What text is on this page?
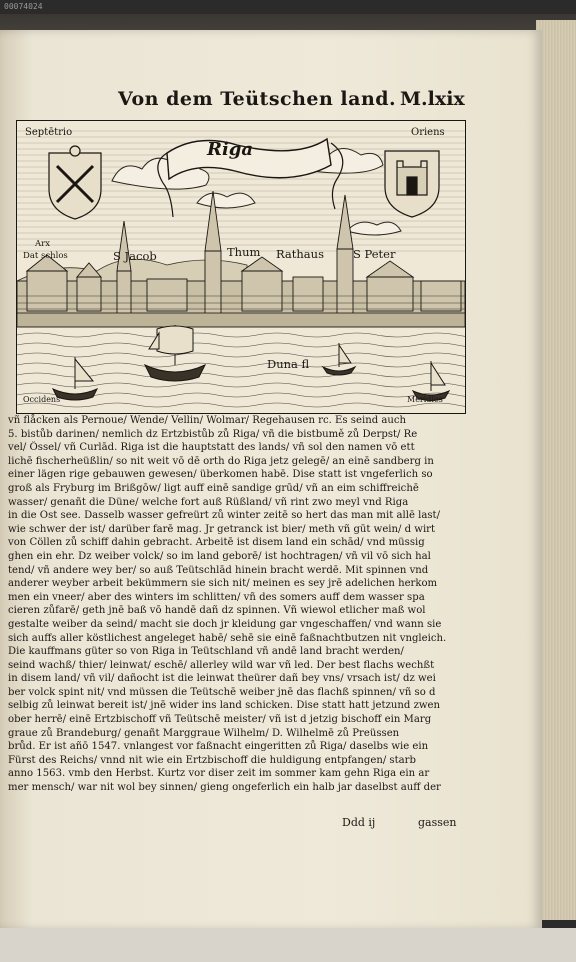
00074024
Von dem Teütschen land. M.lxix
Septētrio	Oriens
Riga
Arx
Dat schlos	S Jacob	Thum Rathaus	S Peter
Duna fl
Occidens	Meridies
vñ flåcken als Pernoue/ Wende/ Vellin/ Wolmar/ Regehausen rc. Es seind auch
5. bistůb darinen/ nemlich dz Ertzbistůb zů Riga/ vñ die bistbumě zů Derpst/ Re
vel/ Össel/ vñ Curlād. Riga ist die hauptstatt des lands/ vñ sol den namen vō ett
lichē fischerheüßlin/ so nit weit vō dē orth do Riga jetz gelegē/ an einē sandberg in
einer lägen rige gebauwen gewesen/ überkomen habē. Dise statt ist vngeferlich so
groß als Fryburg im Brißgōw/ ligt auff einē sandige grūd/ vñ an eim schiffreichē
wasser/ genañt die Düne/ welche fort auß Rüßland/ vñ rint zwo meyl vnd Riga
in die Ost see. Dasselb wasser gefreürt zů winter zeitē so hert das man mit allē last/
wie schwer der ist/ darüber farē mag. Jr getranck ist bier/ meth vñ gūt wein/ d wirt
von Cöllen zů schiff dahin gebracht. Arbeitē ist disem land ein schād/ vnd müssig
ghen ein ehr. Dz weiber volck/ so im land geborē/ ist hochtragen/ vñ vil vō sich hal
tend/ vñ andere wey ber/ so auß Teütschlād hinein bracht werdē. Mit spinnen vnd
anderer weyber arbeit bekümmern sie sich nit/ meinen es sey jrē adelichen herkom
men ein vneer/ aber des winters im schlitten/ vñ des somers auff dem wasser spa
cieren zůfarē/ geth jnē baß vō handē dañ dz spinnen. Vñ wiewol etlicher maß wol
gestalte weiber da seind/ macht sie doch jr kleidung gar vngeschaffen/ vnd wann sie
sich auffs aller köstlichest angeleget habē/ sehē sie einē faßnachtbutzen nit vngleich.
Die kauffmans güter so von Riga in Teütschland vñ andē land bracht werden/
seind wachß/ thier/ leinwat/ eschē/ allerley wild war vñ led. Der best flachs wechßt
in disem land/ vñ vil/ dañocht ist die leinwat theürer dañ bey vns/ vrsach ist/ dz wei
ber volck spint nit/ vnd müssen die Teütschē weiber jnē das flachß spinnen/ vñ so d
selbig zů leinwat bereit ist/ jnē wider ins land schicken. Dise statt hatt jetzund zwen
ober herrē/ einē Ertzbischoff vñ Teütschē meister/ vñ ist d jetzig bischoff ein Marg
graue zů Brandeburg/ genañt Marggraue Wilhelm/ D. Wilhelmē zů Preüssen
brůd. Er ist añō 1547. vnlangest vor faßnacht eingeritten zů Riga/ daselbs wie ein
Fürst des Reichs/ vnnd nit wie ein Ertzbischoff die huldigung entpfangen/ starb
anno 1563. vmb den Herbst. Kurtz vor diser zeit im sommer kam gehn Riga ein ar
mer mensch/ war nit wol bey sinnen/ gieng ongeferlich ein halb jar daselbst auff der
Ddd ij	gassen
